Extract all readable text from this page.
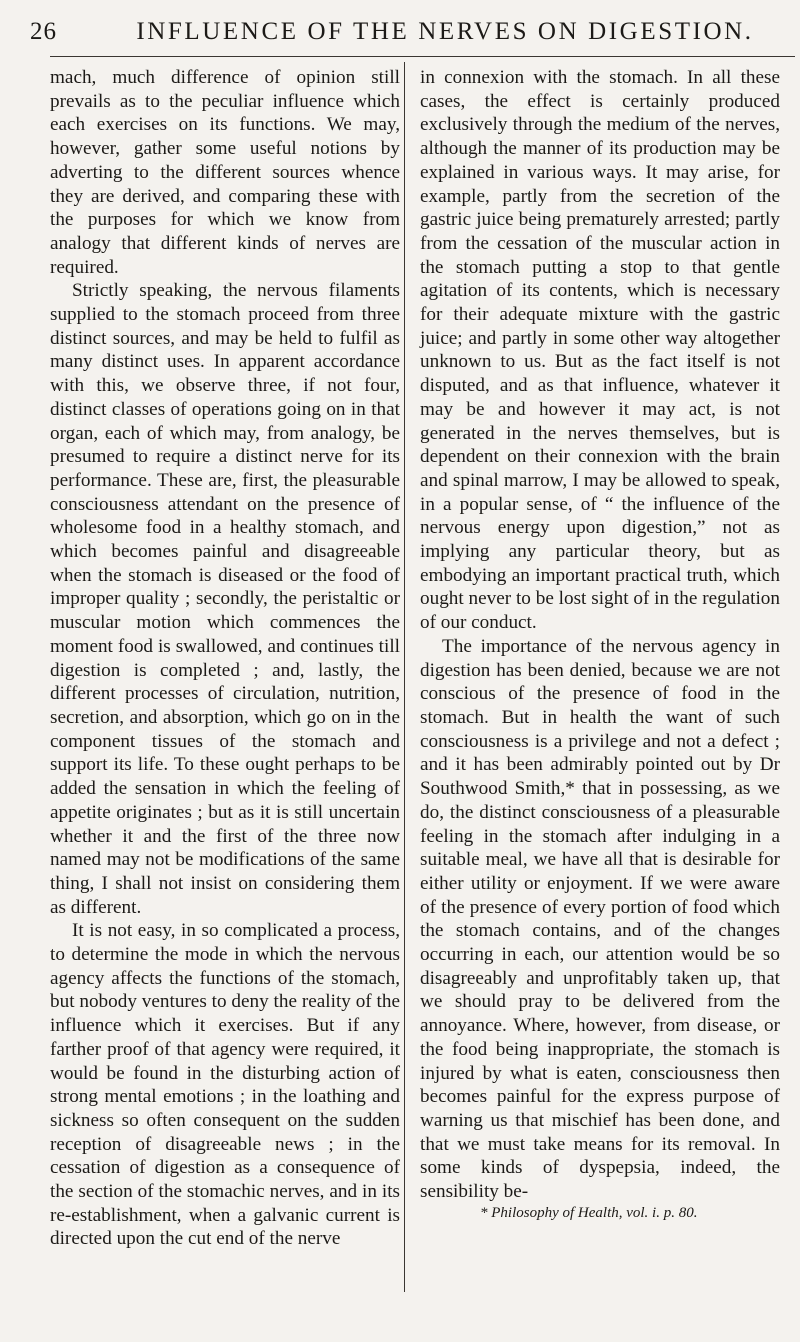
26	INFLUENCE OF THE NERVES ON DIGESTION.

mach, much difference of opinion still prevails as to the peculiar influence which each exercises on its functions. We may, however, gather some useful notions by adverting to the different sources whence they are derived, and comparing these with the purposes for which we know from analogy that different kinds of nerves are required.

Strictly speaking, the nervous filaments supplied to the stomach proceed from three distinct sources, and may be held to fulfil as many distinct uses. In apparent accordance with this, we observe three, if not four, distinct classes of operations going on in that organ, each of which may, from analogy, be presumed to require a distinct nerve for its performance. These are, first, the pleasurable consciousness attendant on the presence of wholesome food in a healthy stomach, and which becomes painful and disagreeable when the stomach is diseased or the food of improper quality ; secondly, the peristaltic or muscular motion which commences the moment food is swallowed, and continues till digestion is completed ; and, lastly, the different processes of circulation, nutrition, secretion, and absorption, which go on in the component tissues of the stomach and support its life. To these ought perhaps to be added the sensation in which the feeling of appetite originates ; but as it is still uncertain whether it and the first of the three now named may not be modifications of the same thing, I shall not insist on considering them as different.

It is not easy, in so complicated a process, to determine the mode in which the nervous agency affects the functions of the stomach, but nobody ventures to deny the reality of the influence which it exercises. But if any farther proof of that agency were required, it would be found in the disturbing action of strong mental emotions ; in the loathing and sickness so often consequent on the sudden reception of disagreeable news ; in the cessation of digestion as a consequence of the section of the stomachic nerves, and in its re-establishment, when a galvanic current is directed upon the cut end of the nerve

in connexion with the stomach. In all these cases, the effect is certainly produced exclusively through the medium of the nerves, although the manner of its production may be explained in various ways. It may arise, for example, partly from the secretion of the gastric juice being prematurely arrested; partly from the cessation of the muscular action in the stomach putting a stop to that gentle agitation of its contents, which is necessary for their adequate mixture with the gastric juice; and partly in some other way altogether unknown to us. But as the fact itself is not disputed, and as that influence, whatever it may be and however it may act, is not generated in the nerves themselves, but is dependent on their connexion with the brain and spinal marrow, I may be allowed to speak, in a popular sense, of “ the influence of the nervous energy upon digestion,” not as implying any particular theory, but as embodying an important practical truth, which ought never to be lost sight of in the regulation of our conduct.

The importance of the nervous agency in digestion has been denied, because we are not conscious of the presence of food in the stomach. But in health the want of such consciousness is a privilege and not a defect ; and it has been admirably pointed out by Dr Southwood Smith,* that in possessing, as we do, the distinct consciousness of a pleasurable feeling in the stomach after indulging in a suitable meal, we have all that is desirable for either utility or enjoyment. If we were aware of the presence of every portion of food which the stomach contains, and of the changes occurring in each, our attention would be so disagreeably and unprofitably taken up, that we should pray to be delivered from the annoyance. Where, however, from disease, or the food being inappropriate, the stomach is injured by what is eaten, consciousness then becomes painful for the express purpose of warning us that mischief has been done, and that we must take means for its removal. In some kinds of dyspepsia, indeed, the sensibility be-

* Philosophy of Health, vol. i. p. 80.
